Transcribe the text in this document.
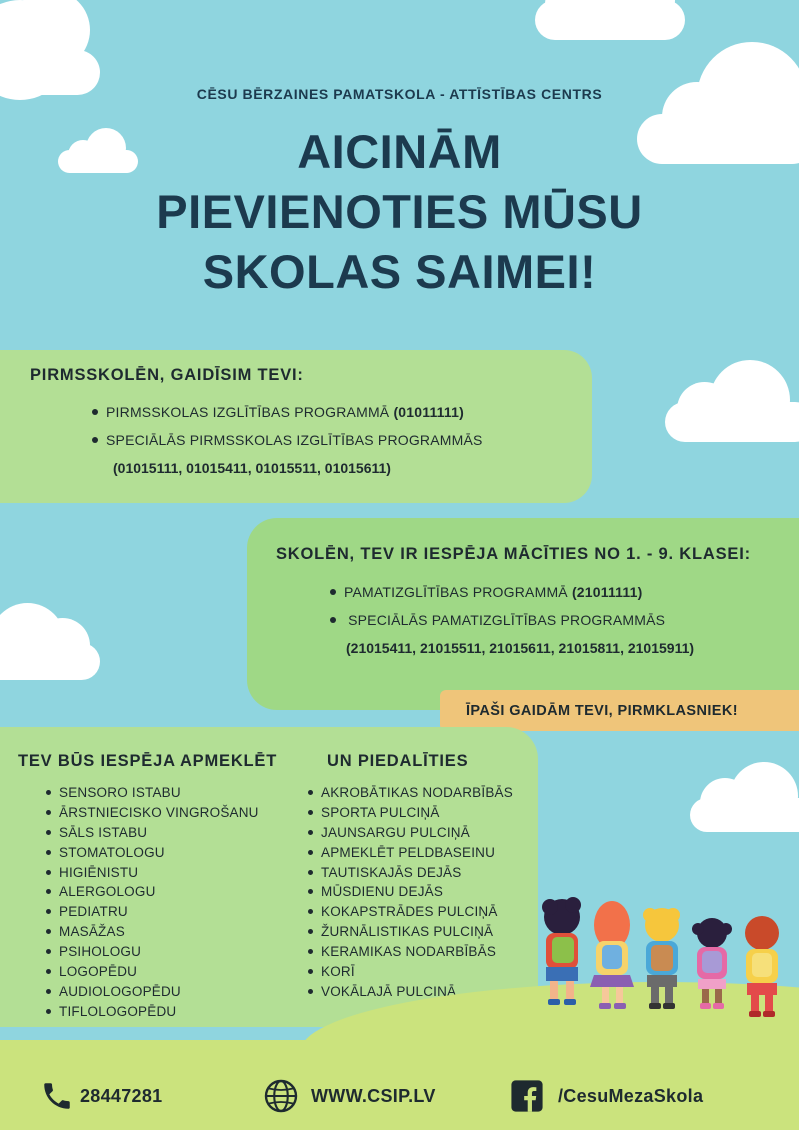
CĒSU BĒRZAINES PAMATSKOLA - ATTĪSTĪBAS CENTRS
AICINĀM
PIEVIENOTIES MŪSU
SKOLAS SAIMEI!
PIRMSSKOLĒN, GAIDĪSIM TEVI:
PIRMSSKOLAS IZGLĪTĪBAS PROGRAMMĀ (01011111)
SPECIĀLĀS PIRMSSKOLAS IZGLĪTĪBAS PROGRAMMĀS
(01015111, 01015411, 01015511, 01015611)
SKOLĒN, TEV IR IESPĒJA MĀCĪTIES NO 1. - 9. KLASEI:
PAMATIZGLĪTĪBAS PROGRAMMĀ (21011111)
SPECIĀLĀS PAMATIZGLĪTĪBAS PROGRAMMĀS
(21015411, 21015511, 21015611, 21015811, 21015911)
ĪPAŠI GAIDĀM TEVI, PIRMKLASNIEK!
TEV BŪS IESPĒJA APMEKLĒT	UN PIEDALĪTIES
SENSORO ISTABU
ĀRSTNIECISKO VINGROŠANU
SĀLS ISTABU
STOMATOLOGU
HIGIĒNISTU
ALERGOLOGU
PEDIATRU
MASĀŽAS
PSIHOLOGU
LOGOPĒDU
AUDIOLOGOPĒDU
TIFLOLOGOPĒDU
AKROBĀTIKAS NODARBĪBĀS
SPORTA PULCIŅĀ
JAUNSARGU PULCIŅĀ
APMEKLĒT PELDBASEINU
TAUTISKAJĀS DEJĀS
MŪSDIENU DEJĀS
KOKAPSTRĀDES PULCIŅĀ
ŽURNĀLISTIKAS PULCIŅĀ
KERAMIKAS NODARBĪBĀS
KORĪ
VOKĀLAJĀ PULCIŅĀ
28447281	WWW.CSIP.LV	/CesuMezaSkola
